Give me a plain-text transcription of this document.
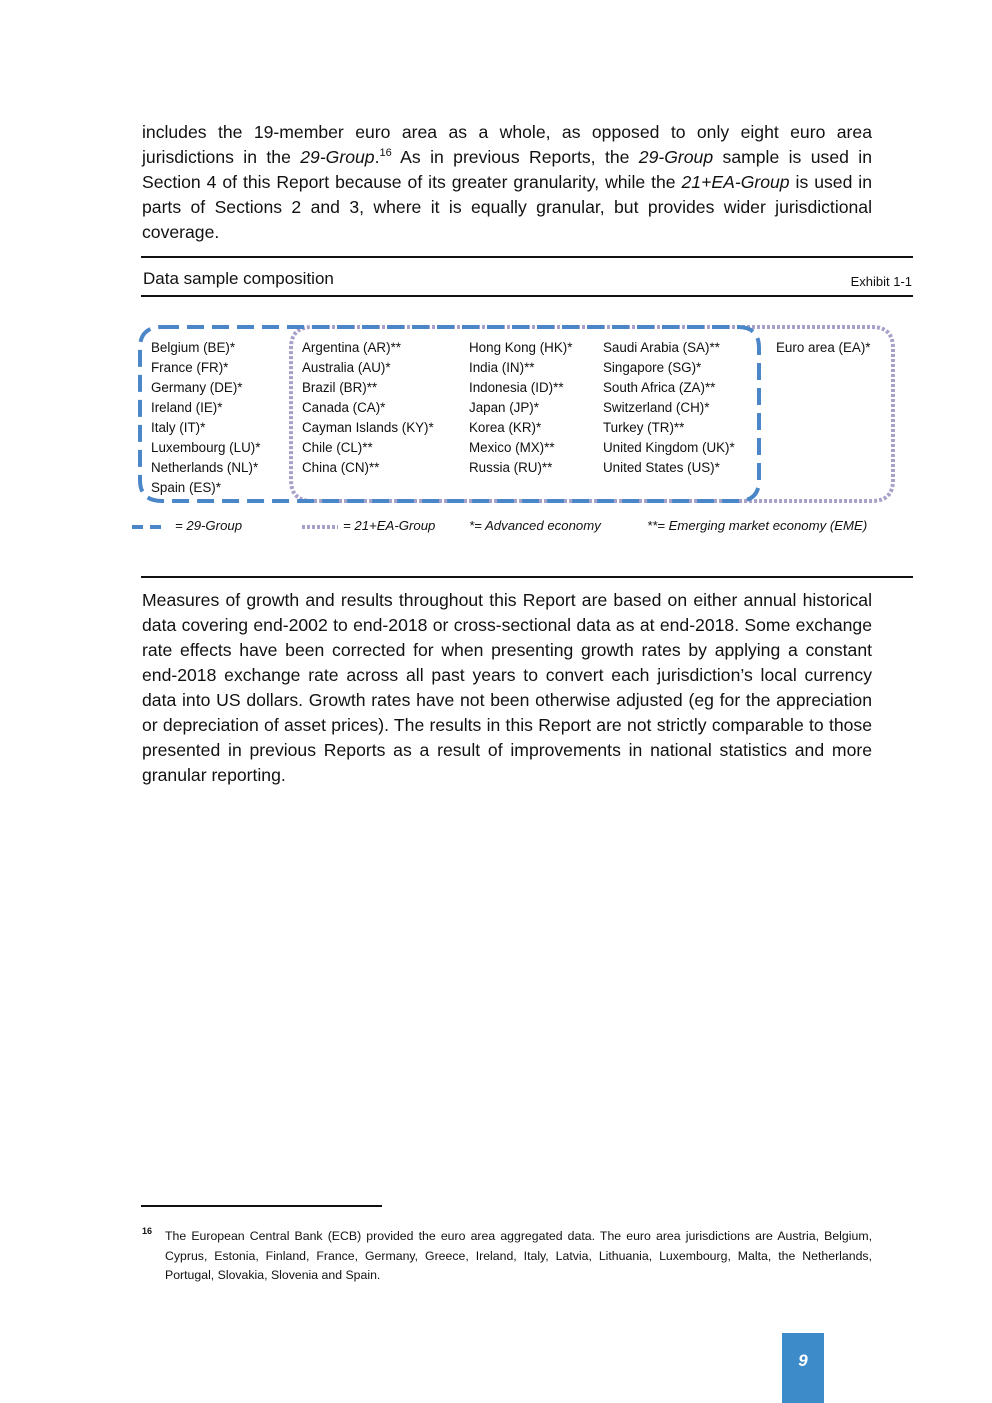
includes the 19-member euro area as a whole, as opposed to only eight euro area jurisdictions in the 29-Group.$^{16}$ As in previous Reports, the 29-Group sample is used in Section 4 of this Report because of its greater granularity, while the 21+EA-Group is used in parts of Sections 2 and 3, where it is equally granular, but provides wider jurisdictional coverage.

Data sample composition	Exhibit 1-1
Belgium (BE)*
France (FR)*
Germany (DE)*
Ireland (IE)*
Italy (IT)*
Luxembourg (LU)*
Netherlands (NL)*
Spain (ES)*
Argentina (AR)**
Australia (AU)*
Brazil (BR)**
Canada (CA)*
Cayman Islands (KY)*
Chile (CL)**
China (CN)**
Hong Kong (HK)*
India (IN)**
Indonesia (ID)**
Japan (JP)*
Korea (KR)*
Mexico (MX)**
Russia (RU)**
Saudi Arabia (SA)**
Singapore (SG)*
South Africa (ZA)**
Switzerland (CH)*
Turkey (TR)**
United Kingdom (UK)*
United States (US)*
Euro area (EA)*
= 29-Group	= 21+EA-Group	*= Advanced economy	**= Emerging market economy (EME)

Measures of growth and results throughout this Report are based on either annual historical data covering end-2002 to end-2018 or cross-sectional data as at end-2018. Some exchange rate effects have been corrected for when presenting growth rates by applying a constant end-2018 exchange rate across all past years to convert each jurisdiction’s local currency data into US dollars. Growth rates have not been otherwise adjusted (eg for the appreciation or depreciation of asset prices). The results in this Report are not strictly comparable to those presented in previous Reports as a result of improvements in national statistics and more granular reporting.

16 The European Central Bank (ECB) provided the euro area aggregated data. The euro area jurisdictions are Austria, Belgium, Cyprus, Estonia, Finland, France, Germany, Greece, Ireland, Italy, Latvia, Lithuania, Luxembourg, Malta, the Netherlands, Portugal, Slovakia, Slovenia and Spain.

9
